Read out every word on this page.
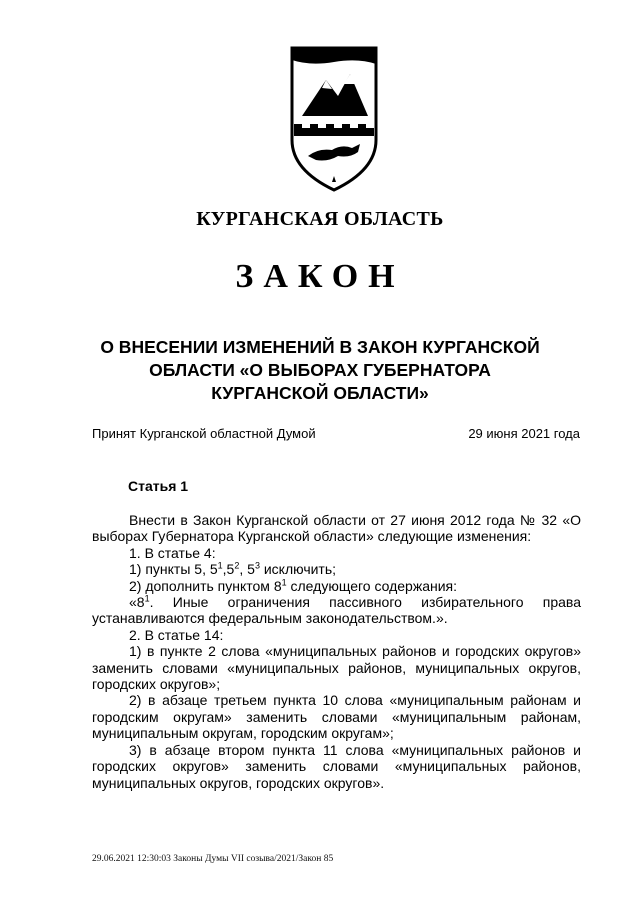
КУРГАНСКАЯ ОБЛАСТЬ
ЗАКОН
О ВНЕСЕНИИ ИЗМЕНЕНИЙ В ЗАКОН КУРГАНСКОЙ
ОБЛАСТИ «О ВЫБОРАХ ГУБЕРНАТОРА
КУРГАНСКОЙ ОБЛАСТИ»
Принят Курганской областной Думой	29 июня 2021 года
Статья 1

Внести в Закон Курганской области от 27 июня 2012 года № 32 «О выборах Губернатора Курганской области» следующие изменения:

1. В статье 4:

1) пункты 5, $5^1,5^2$, $5^3$ исключить;

2) дополнить пунктом $8^1$ следующего содержания:

«$8^1$. Иные ограничения пассивного избирательного права устанавливаются федеральным законодательством.».

2. В статье 14:

1) в пункте 2 слова «муниципальных районов и городских округов» заменить словами «муниципальных районов, муниципальных округов, городских округов»;

2) в абзаце третьем пункта 10 слова «муниципальным районам и городским округам» заменить словами «муниципальным районам, муниципальным округам, городским округам»;

3) в абзаце втором пункта 11 слова «муниципальных районов и городских округов» заменить словами «муниципальных районов, муниципальных округов, городских округов».

29.06.2021 12:30:03 Законы Думы VII созыва/2021/Закон 85
